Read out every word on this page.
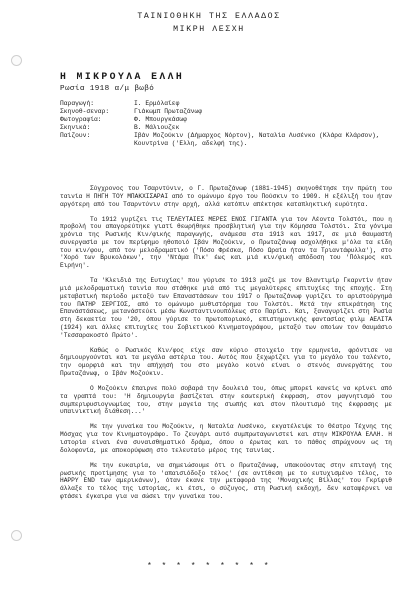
ΤΑΙΝΙΟΘΗΚΗ ΤΗΣ ΕΛΛΑΔΟΣ
ΜΙΚΡΗ ΛΕΣΧΗ
Η ΜΙΚΡΟΥΛΑ ΕΛΛΗ
Ρωσία 1918 α/μ βωβό
Παραγωγή:	Ι. Ερμόλαϊεφ
Σκηνοθ-σεναρ:	Γιάκωμπ Πρωταζάνωφ
Φωτογραφία:	Φ. Μπουργκάσωφ
Σκηνικά:	Β. Μάλιουζεκ
Παίζουν:	Ιβάν Μοζούκιν (Δήμαρχος Νόρτον), Ναταλία Λυσένκο (Κλάρα Κλάρσον), Κουντρίνα ('Ελλη, αδελφή της).

Σύγχρονος του Τσαρντύνιν, ο Γ. Πρωταζάνωφ (1881-1945) σκηνοθέτησε την πρώτη του ταινία Η ΠΗΓΗ ΤΟΥ ΜΠΑΚΧΙΣΑΡΑΙ από το ομώνυμο έργο του Πούσκιν το 1909. Η εξέλιξή του ήταν αργότερη από του Τσαρντύνιν στην αρχή, αλλά κατόπιν απέκτησε καταπληκτική ευρύτητα.

Το 1912 γυρίζει τις ΤΕΛΕΥΤΑΙΕΣ ΜΕΡΕΣ ΕΝΟΣ ΓΙΓΑΝΤΑ για τον Λέοντα Τολστόι, που η προβολή του απαγορεύτηκε γιατί θεωρήθηκε προσβλητική για την Κόμησσα Τολστόι. Στα γόνιμα χρόνια της Ρωσικής Κιν/φικής παραγωγής, ανάμεσα στα 1913 και 1917, σε μιά θαυμαστή συνεργασία με τον περίφημο ηθοποιό Ιβάν Μοζούκιν, ο Πρωταζάνωφ ασχολήθηκε μ'όλα τα είδη του κιν/φου, από τον μελοδραματικό ('Πόσο Φρέσκα, Πόσο Ωραία ήταν τα Τριαντάφυλλα'), στο 'Χορό των Βρυκολάκων', την 'Ντάμα Πικ' έως και μιά κιν/φική απόδοση του 'Πόλεμος και Ειρήνη'.

Τα 'Κλειδιά της Ευτυχίας' που γύρισε το 1913 μαζί με τον Βλαντιμίρ Γκαρντίν ήταν μιά μελοδραματική ταινία που στάθηκε μιά από τις μεγαλύτερες επιτυχίες της εποχής. Στη μεταβατική περίοδο μεταξύ των Επαναστάσεων του 1917 ο Πρωταζάνωφ γυρίζει το αριστούργημά του ΠΑΤΗΡ ΣΕΡΓΙΟΣ, από το ομώνυμο μυθιστόρημα του Τολστόι. Μετά την επικράτηση της Επανάστάσεως, μετανάστεύει μέσω Κωνσταντινουπόλεως στο Παρίσι. Και, ξαναγυρίζει στη Ρωσία στη δεκαετία του '20, όπου γύρισε το πρωτοποριακό, επιστημονικής φαντασίας φιλμ ΑΕΛΙΤΑ (1924) και άλλες επιτυχίες του Σοβιετικού Κινηματογράφου, μεταξύ των οποίων τον Θαυμάσιο 'Τεσσαρακοστό Πρώτο'.

Καθώς ο Ρωσικός Κιν/φος είχε σαν κύριο στοιχείο την ερμηνεία, φρόντισε να δημιουργούνται και τα μεγάλα αστέρια του. Αυτός που ξεχωρίζει για το μεγάλο του ταλέντο, την ομορφιά και την απήχησή του στο μεγάλο κοινό είναι ο στενός συνεργάτης του Πρωταζάνωφ, ο Ιβάν Μοζούκιν.

Ο Μοζούκιν έπαιρνε πολύ σοβαρά την δουλειά του, όπως μπορεί κανείς να κρίνει από τα γραπτά του: 'Η δημιουργία βασίζεται στην εσωτερική έκφραση, στον μαγνητισμό του συμπεριφυσιογνωμίας του, στην μαγεία της σιωπής και στον πλουτισμό της έκφρασης με υπαινικτική διάθεση...'

Με την γυναίκα του Μοζούκιν, η Ναταλία Λυσένκο, εκγατέλειψε το Θέατρο Τέχνης της Μόσχας για τον Κινηματογράφο. Το ζευγάρι αυτό συμπρωταγωνιστεί και στην ΜΙΚΡΟΥΛΑ ΕΛΛΗ. Η ιστορία είναι ένα συναισθηματικό δράμα, όπου ο έρωτας και το πάθος σπρώχνουν ως τη δολοφονία, με αποκορύφωση στο τελευταίο μέρος της ταινίας.

Με την ευκαιρία, να σημειώσουμε ότι ο Πρωταζάνωφ, υπακούοντας στην επιταγή της ρωσικής προτίμησης για το 'απαισιόδοξο τέλος' (σε αντίθεση με το ευτυχισμένο τέλος, το HAPPY END των αμερικάνων), όταν έκανε την μεταφορά της 'Μοναχικής Βίλλας' του Γκρίφιθ άλλαξε το τέλος της ιστορίας, κι έτσι, ο σύζυγος, στη Ρωσική εκδοχή, δεν καταφέρνει να φτάσει έγκαιρα για να σώσει την γυναίκα του.

* * * * * * * * *
